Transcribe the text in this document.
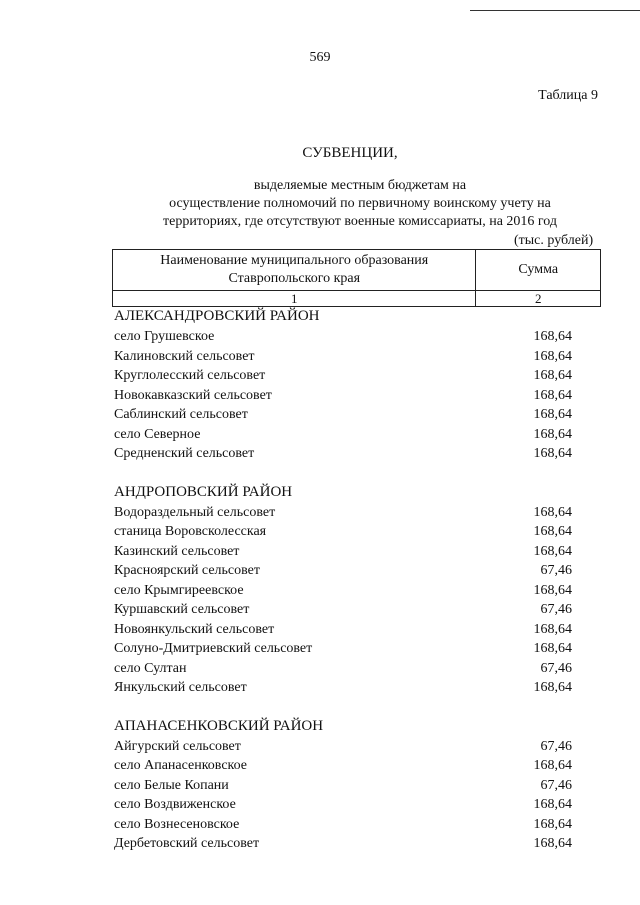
569
Таблица 9
СУБВЕНЦИИ,
выделяемые местным бюджетам на
осуществление полномочий по первичному воинскому учету на
территориях, где отсутствуют военные комиссариаты, на 2016 год
(тыс. рублей)
Наименование муниципального образования
Ставропольского края	Сумма
1	2
АЛЕКСАНДРОВСКИЙ РАЙОН
село Грушевское	168,64
Калиновский сельсовет	168,64
Круглолесский сельсовет	168,64
Новокавказский сельсовет	168,64
Саблинский сельсовет	168,64
село Северное	168,64
Средненский сельсовет	168,64
АНДРОПОВСКИЙ РАЙОН
Водораздельный сельсовет	168,64
станица Воровсколесская	168,64
Казинский сельсовет	168,64
Красноярский сельсовет	67,46
село Крымгиреевское	168,64
Куршавский сельсовет	67,46
Новоянкульский сельсовет	168,64
Солуно-Дмитриевский сельсовет	168,64
село Султан	67,46
Янкульский сельсовет	168,64
АПАНАСЕНКОВСКИЙ РАЙОН
Айгурский сельсовет	67,46
село Апанасенковское	168,64
село Белые Копани	67,46
село Воздвиженское	168,64
село Вознесеновское	168,64
Дербетовский сельсовет	168,64
